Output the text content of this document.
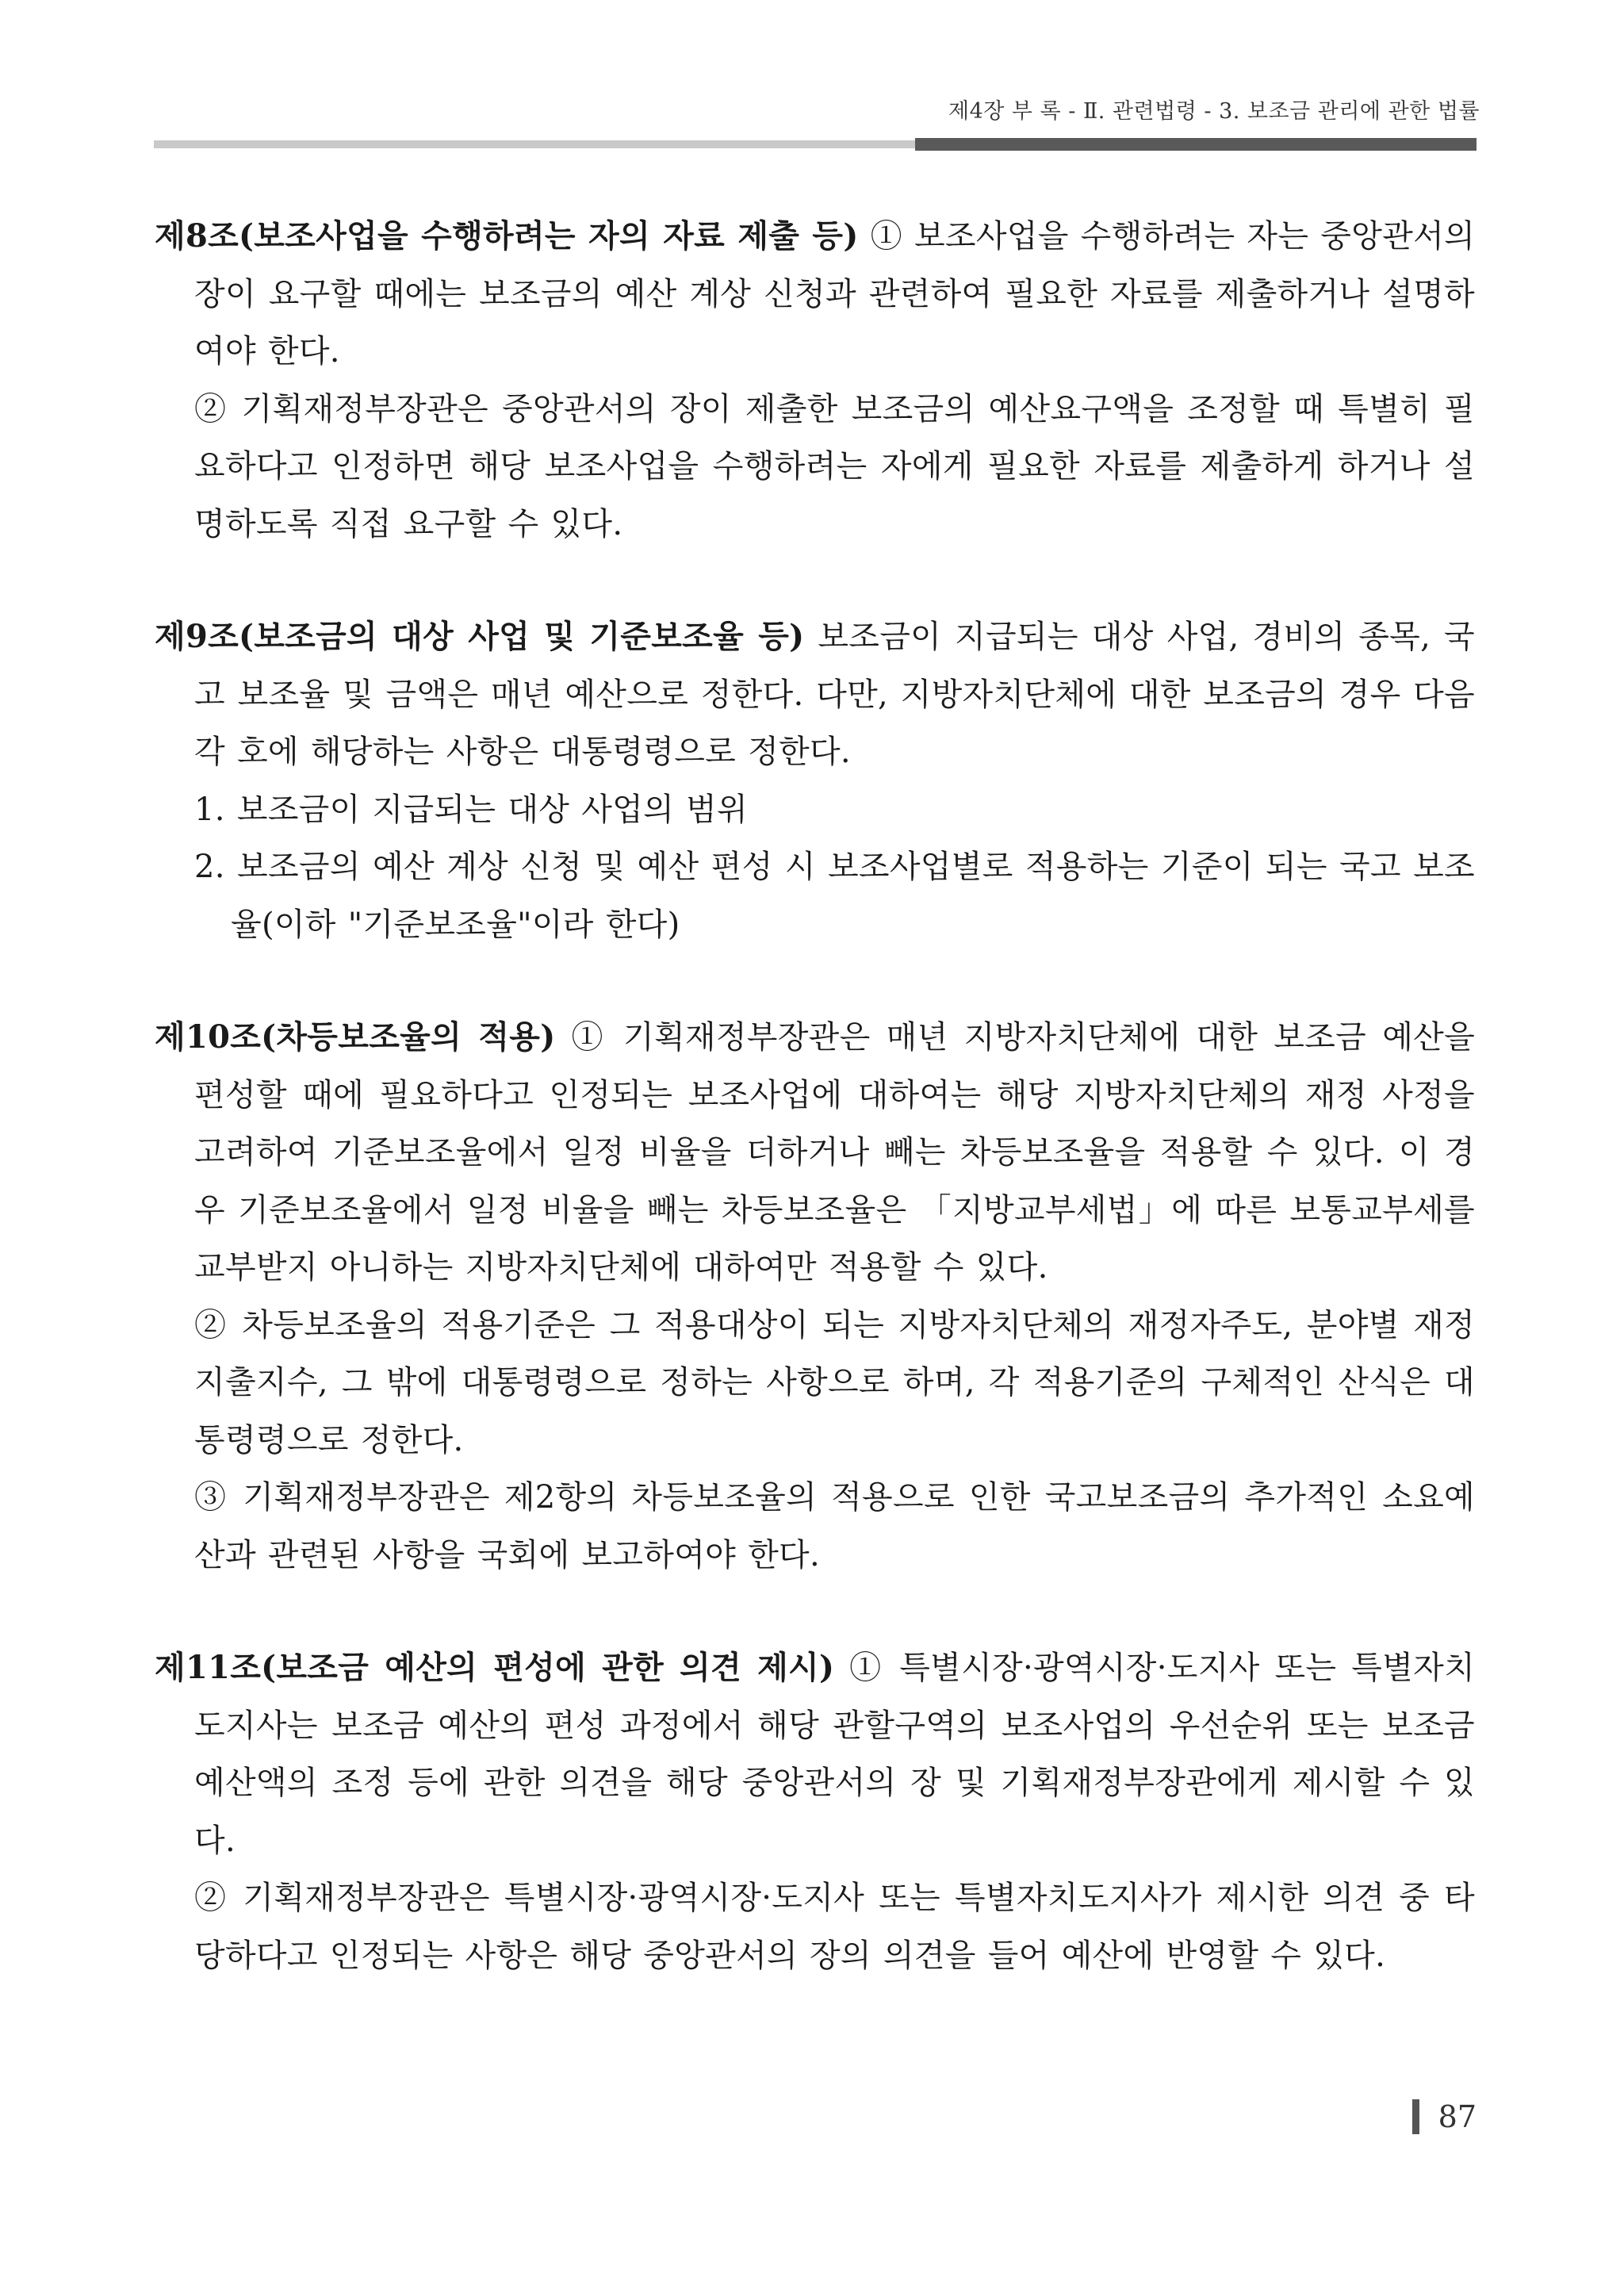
제4장 부 록 - Ⅱ. 관련법령 - 3. 보조금 관리에 관한 법률

제8조(보조사업을 수행하려는 자의 자료 제출 등) ① 보조사업을 수행하려는 자는 중앙관서의 장이 요구할 때에는 보조금의 예산 계상 신청과 관련하여 필요한 자료를 제출하거나 설명하여야 한다.

② 기획재정부장관은 중앙관서의 장이 제출한 보조금의 예산요구액을 조정할 때 특별히 필요하다고 인정하면 해당 보조사업을 수행하려는 자에게 필요한 자료를 제출하게 하거나 설명하도록 직접 요구할 수 있다.

제9조(보조금의 대상 사업 및 기준보조율 등) 보조금이 지급되는 대상 사업, 경비의 종목, 국고 보조율 및 금액은 매년 예산으로 정한다. 다만, 지방자치단체에 대한 보조금의 경우 다음 각 호에 해당하는 사항은 대통령령으로 정한다.

1. 보조금이 지급되는 대상 사업의 범위

2. 보조금의 예산 계상 신청 및 예산 편성 시 보조사업별로 적용하는 기준이 되는 국고 보조율(이하 "기준보조율"이라 한다)

제10조(차등보조율의 적용) ① 기획재정부장관은 매년 지방자치단체에 대한 보조금 예산을 편성할 때에 필요하다고 인정되는 보조사업에 대하여는 해당 지방자치단체의 재정 사정을 고려하여 기준보조율에서 일정 비율을 더하거나 빼는 차등보조율을 적용할 수 있다. 이 경우 기준보조율에서 일정 비율을 빼는 차등보조율은 「지방교부세법」에 따른 보통교부세를 교부받지 아니하는 지방자치단체에 대하여만 적용할 수 있다.

② 차등보조율의 적용기준은 그 적용대상이 되는 지방자치단체의 재정자주도, 분야별 재정지출지수, 그 밖에 대통령령으로 정하는 사항으로 하며, 각 적용기준의 구체적인 산식은 대통령령으로 정한다.

③ 기획재정부장관은 제2항의 차등보조율의 적용으로 인한 국고보조금의 추가적인 소요예산과 관련된 사항을 국회에 보고하여야 한다.

제11조(보조금 예산의 편성에 관한 의견 제시) ① 특별시장·광역시장·도지사 또는 특별자치도지사는 보조금 예산의 편성 과정에서 해당 관할구역의 보조사업의 우선순위 또는 보조금 예산액의 조정 등에 관한 의견을 해당 중앙관서의 장 및 기획재정부장관에게 제시할 수 있다.

② 기획재정부장관은 특별시장·광역시장·도지사 또는 특별자치도지사가 제시한 의견 중 타당하다고 인정되는 사항은 해당 중앙관서의 장의 의견을 들어 예산에 반영할 수 있다.

87
